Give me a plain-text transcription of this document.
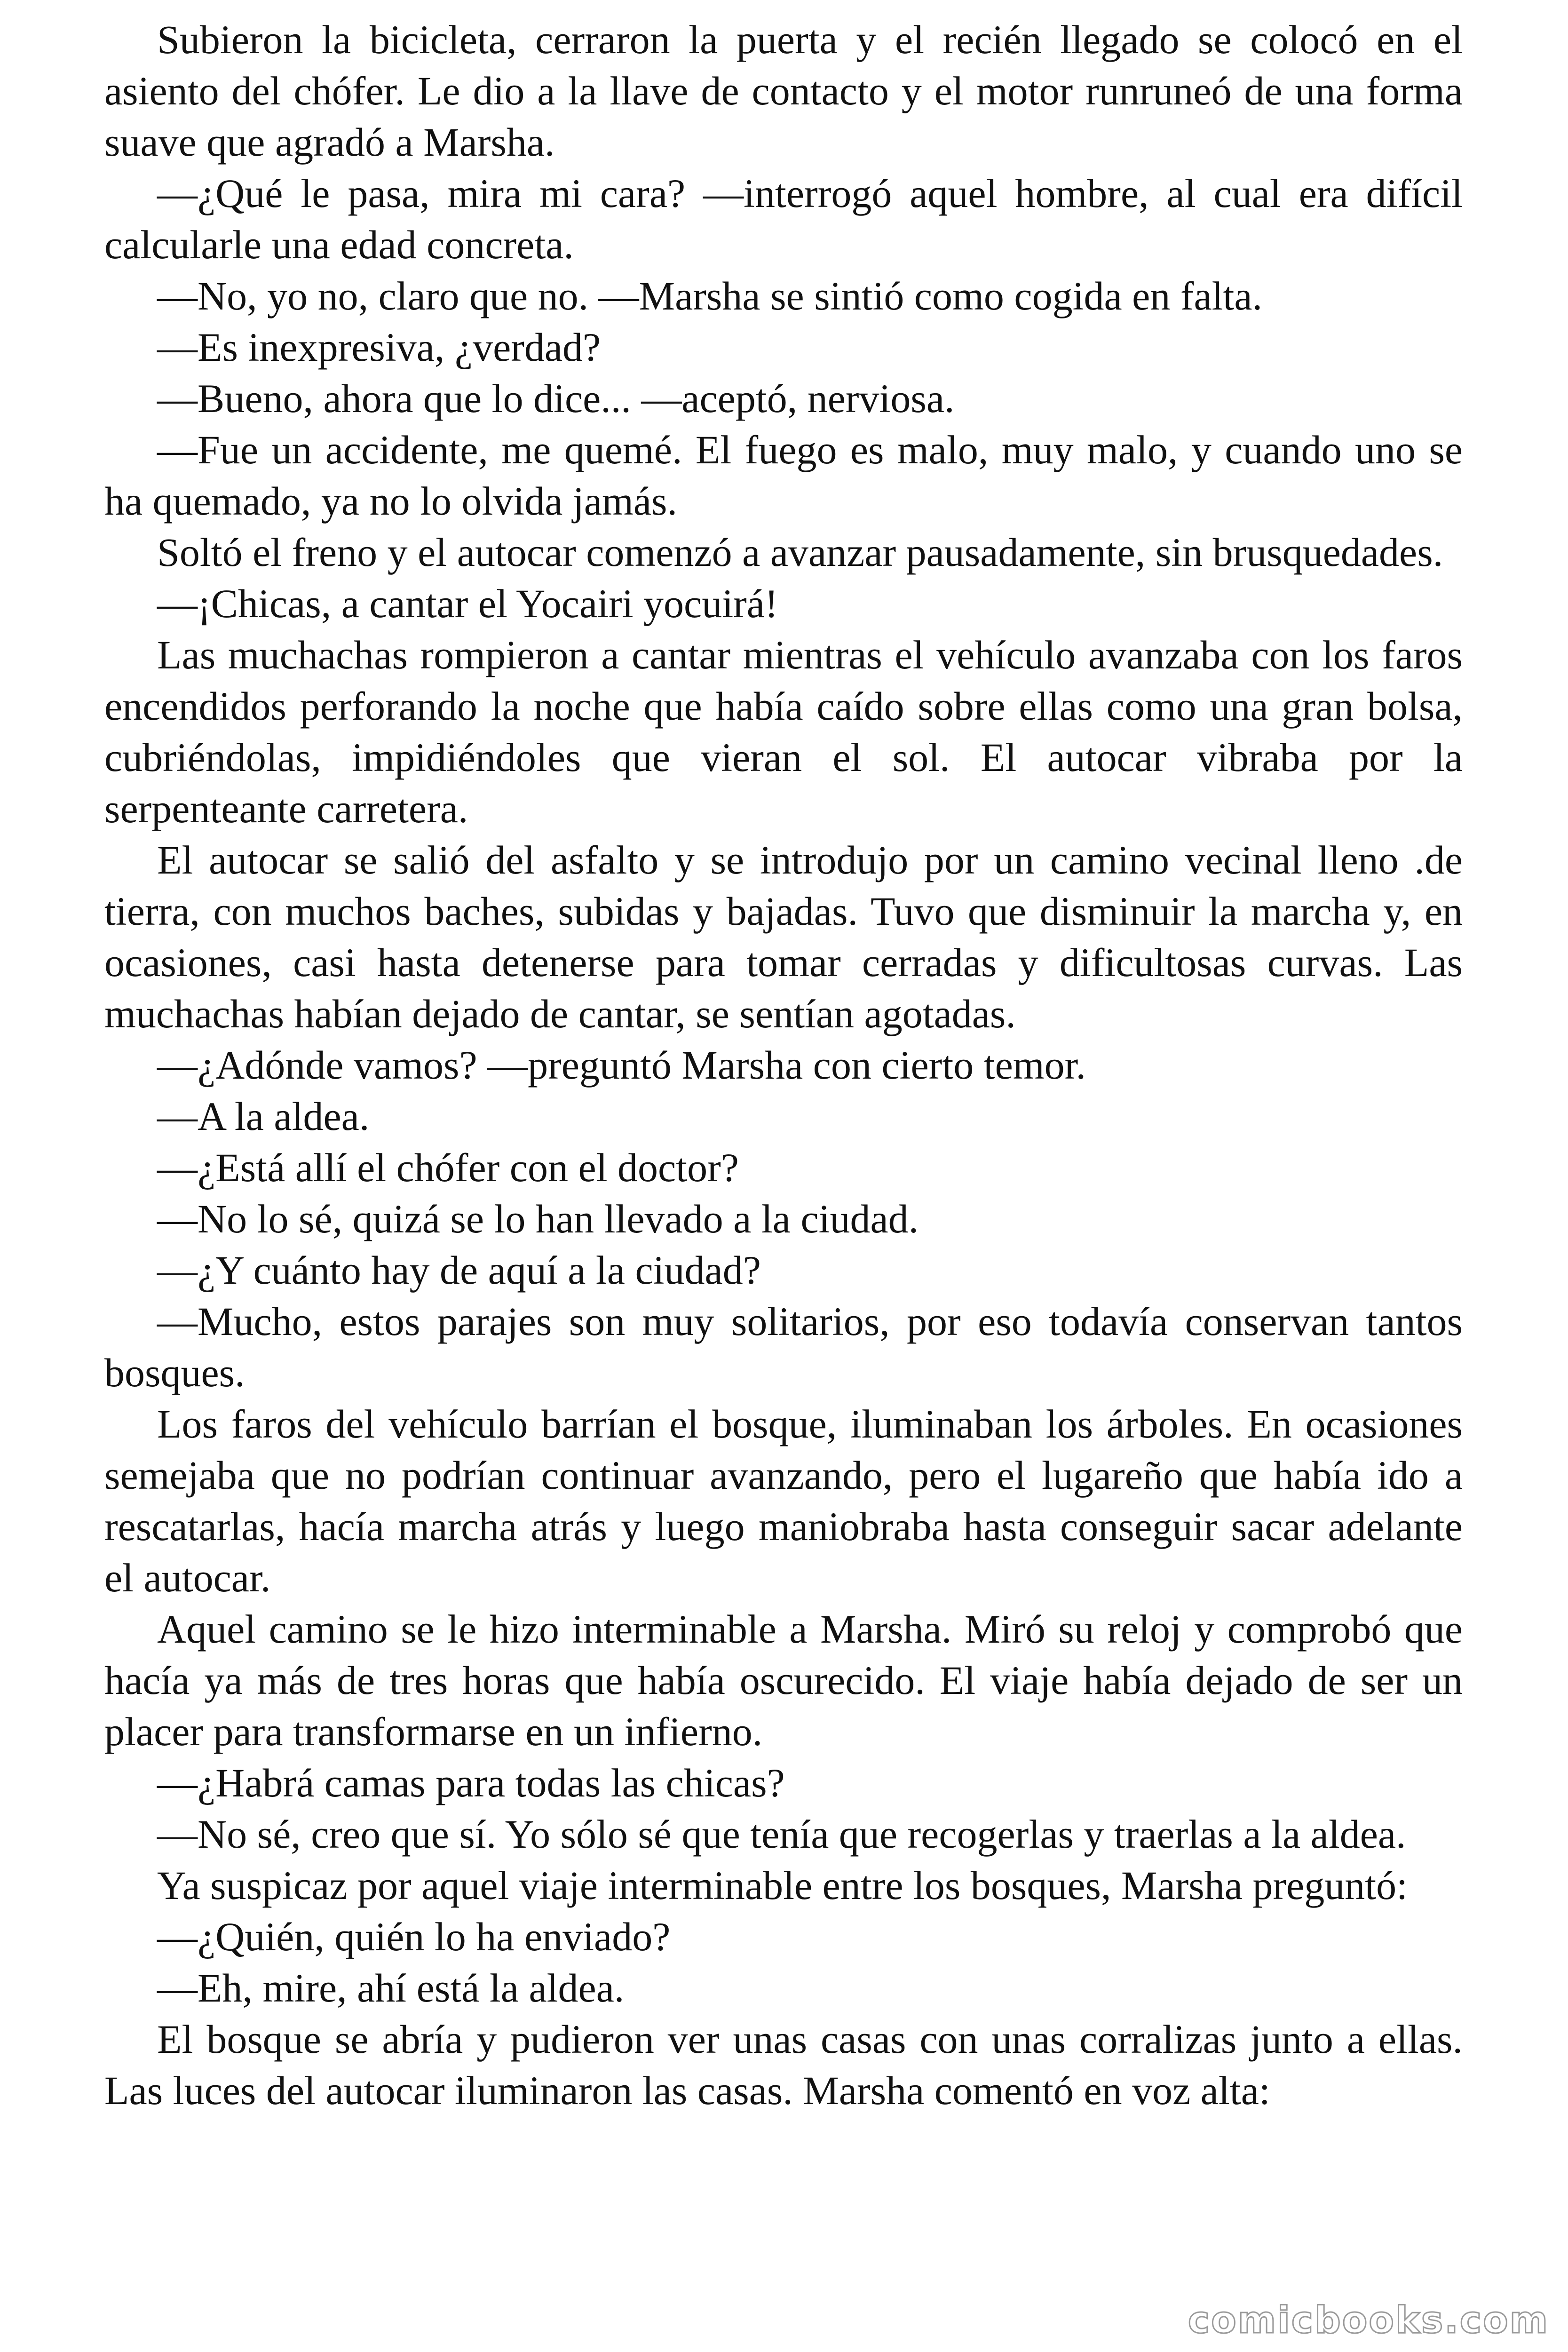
Subieron la bicicleta, cerraron la puerta y el recién llegado se colocó en el asiento del chófer. Le dio a la llave de contacto y el motor runruneó de una forma suave que agradó a Marsha.

—¿Qué le pasa, mira mi cara? —interrogó aquel hombre, al cual era difícil calcularle una edad concreta.

—No, yo no, claro que no. —Marsha se sintió como cogida en falta.

—Es inexpresiva, ¿verdad?

—Bueno, ahora que lo dice... —aceptó, nerviosa.

—Fue un accidente, me quemé. El fuego es malo, muy malo, y cuando uno se ha quemado, ya no lo olvida jamás.

Soltó el freno y el autocar comenzó a avanzar pausadamente, sin brusquedades.

—¡Chicas, a cantar el Yocairi yocuirá!

Las muchachas rompieron a cantar mientras el vehículo avanzaba con los faros encendidos perforando la noche que había caído sobre ellas como una gran bolsa, cubriéndolas, impidiéndoles que vieran el sol. El autocar vibraba por la serpenteante carretera.

El autocar se salió del asfalto y se introdujo por un camino vecinal lleno .de tierra, con muchos baches, subidas y bajadas. Tuvo que disminuir la marcha y, en ocasiones, casi hasta detenerse para tomar cerradas y dificultosas curvas. Las muchachas habían dejado de cantar, se sentían agotadas.

—¿Adónde vamos? —preguntó Marsha con cierto temor.

—A la aldea.

—¿Está allí el chófer con el doctor?

—No lo sé, quizá se lo han llevado a la ciudad.

—¿Y cuánto hay de aquí a la ciudad?

—Mucho, estos parajes son muy solitarios, por eso todavía conservan tantos bosques.

Los faros del vehículo barrían el bosque, iluminaban los árboles. En ocasiones semejaba que no podrían continuar avanzando, pero el lugareño que había ido a rescatarlas, hacía marcha atrás y luego maniobraba hasta conseguir sacar adelante el autocar.

Aquel camino se le hizo interminable a Marsha. Miró su reloj y comprobó que hacía ya más de tres horas que había oscurecido. El viaje había dejado de ser un placer para transformarse en un infierno.

—¿Habrá camas para todas las chicas?

—No sé, creo que sí. Yo sólo sé que tenía que recogerlas y traerlas a la aldea.

Ya suspicaz por aquel viaje interminable entre los bosques, Marsha preguntó:

—¿Quién, quién lo ha enviado?

—Eh, mire, ahí está la aldea.

El bosque se abría y pudieron ver unas casas con unas corralizas junto a ellas. Las luces del autocar iluminaron las casas. Marsha comentó en voz alta:

comicbooks.com
